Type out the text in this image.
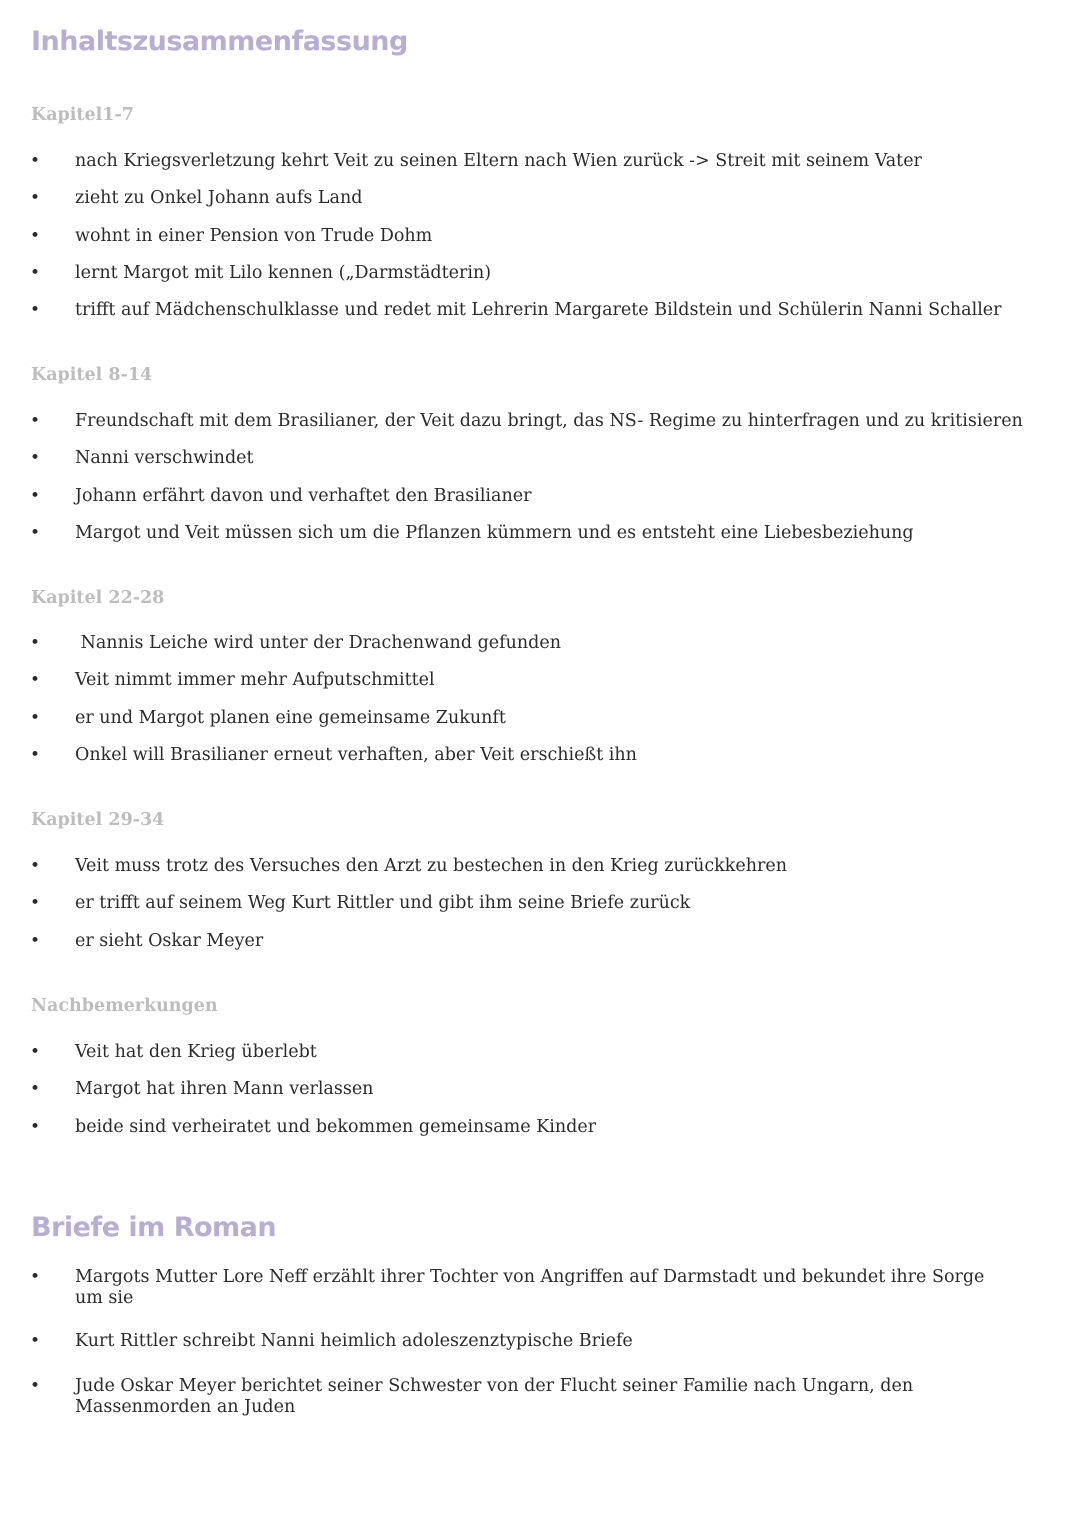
Inhaltszusammenfassung
Kapitel1-7
• nach Kriegsverletzung kehrt Veit zu seinen Eltern nach Wien zurück -> Streit mit seinem Vater
• zieht zu Onkel Johann aufs Land
• wohnt in einer Pension von Trude Dohm
• lernt Margot mit Lilo kennen („Darmstädterin)
• trifft auf Mädchenschulklasse und redet mit Lehrerin Margarete Bildstein und Schülerin Nanni Schaller
Kapitel 8-14
• Freundschaft mit dem Brasilianer, der Veit dazu bringt, das NS- Regime zu hinterfragen und zu kritisieren
• Nanni verschwindet
• Johann erfährt davon und verhaftet den Brasilianer
• Margot und Veit müssen sich um die Pflanzen kümmern und es entsteht eine Liebesbeziehung
Kapitel 22-28
• Nannis Leiche wird unter der Drachenwand gefunden
• Veit nimmt immer mehr Aufputschmittel
• er und Margot planen eine gemeinsame Zukunft
• Onkel will Brasilianer erneut verhaften, aber Veit erschießt ihn
Kapitel 29-34
• Veit muss trotz des Versuches den Arzt zu bestechen in den Krieg zurückkehren
• er trifft auf seinem Weg Kurt Rittler und gibt ihm seine Briefe zurück
• er sieht Oskar Meyer
Nachbemerkungen
• Veit hat den Krieg überlebt
• Margot hat ihren Mann verlassen
• beide sind verheiratet und bekommen gemeinsame Kinder
Briefe im Roman
• Margots Mutter Lore Neff erzählt ihrer Tochter von Angriffen auf Darmstadt und bekundet ihre Sorge um sie
• Kurt Rittler schreibt Nanni heimlich adoleszenztypische Briefe
• Jude Oskar Meyer berichtet seiner Schwester von der Flucht seiner Familie nach Ungarn, den Massenmorden an Juden
